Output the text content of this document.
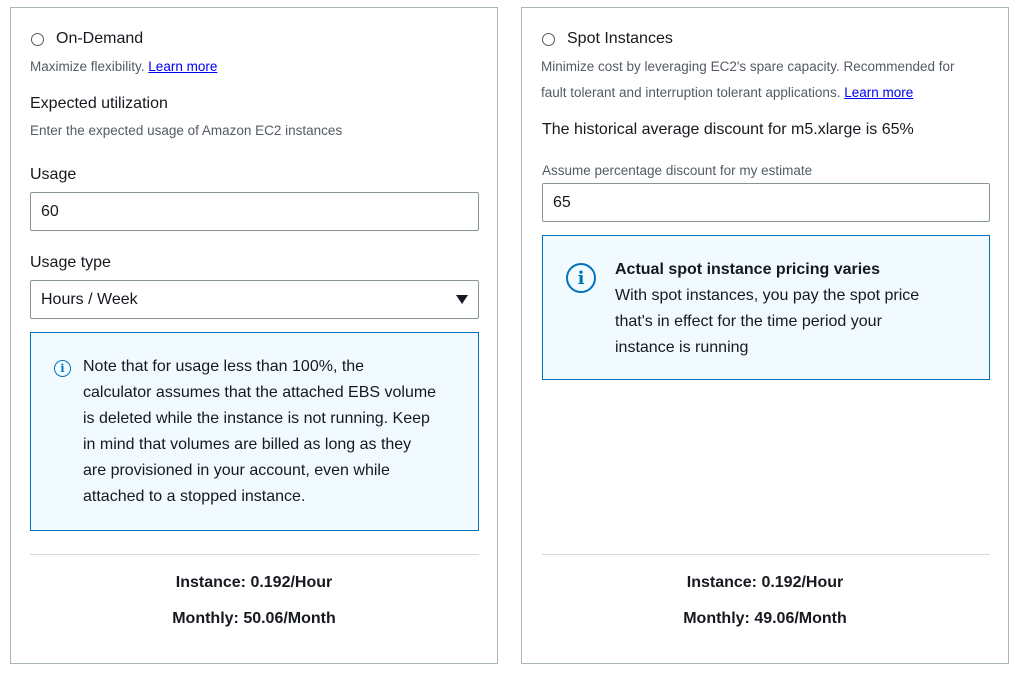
On-Demand
Maximize flexibility. Learn more
Expected utilization
Enter the expected usage of Amazon EC2 instances
Usage
60
Usage type
Hours / Week
i	Note that for usage less than 100%, the
calculator assumes that the attached EBS volume
is deleted while the instance is not running. Keep
in mind that volumes are billed as long as they
are provisioned in your account, even while
attached to a stopped instance.
Instance: 0.192/Hour
Monthly: 50.06/Month
Spot Instances
Minimize cost by leveraging EC2's spare capacity. Recommended for
fault tolerant and interruption tolerant applications. Learn more
The historical average discount for m5.xlarge is 65%
Assume percentage discount for my estimate
65
i	Actual spot instance pricing varies
With spot instances, you pay the spot price
that's in effect for the time period your
instance is running
Instance: 0.192/Hour
Monthly: 49.06/Month
